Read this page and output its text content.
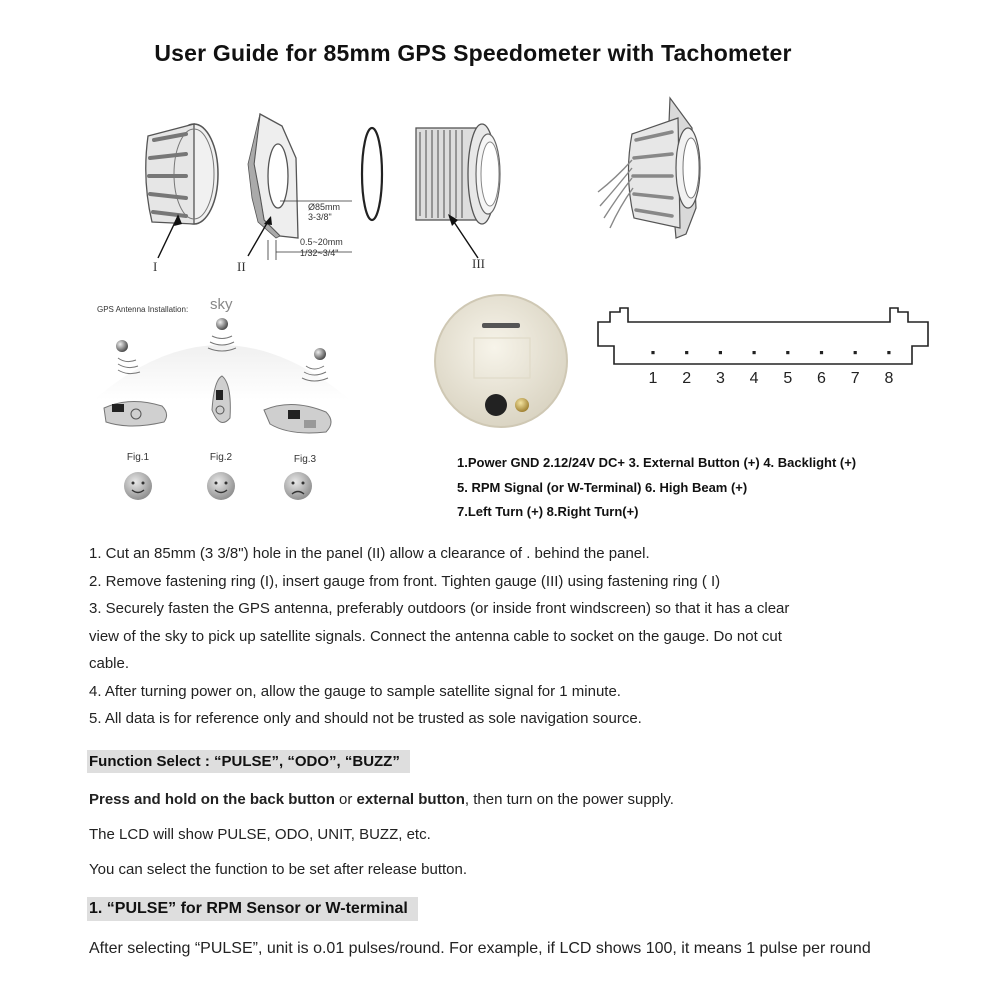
User Guide for 85mm GPS Speedometer with Tachometer
I	II	III
Ø85mm
3-3/8"
0.5~20mm
1/32~3/4"
GPS Antenna Installation: sky
Fig.1	Fig.2	Fig.3
1 2 3 4 5 6 7 8
1.Power GND 2.12/24V DC+ 3. External Button (+) 4. Backlight (+)
5. RPM Signal (or W-Terminal) 6. High Beam (+)
7.Left Turn (+) 8.Right Turn(+)
1. Cut an 85mm (3 3/8") hole in the panel (II) allow a clearance of . behind the panel.
2. Remove fastening ring (I), insert gauge from front. Tighten gauge (III) using fastening ring ( I)
3. Securely fasten the GPS antenna, preferably outdoors (or inside front windscreen) so that it has a clear
view of the sky to pick up satellite signals. Connect the antenna cable to socket on the gauge. Do not cut
cable.
4. After turning power on, allow the gauge to sample satellite signal for 1 minute.
5. All data is for reference only and should not be trusted as sole navigation source.
Function Select : “PULSE”, “ODO”, “BUZZ”
Press and hold on the back button or external button, then turn on the power supply.
The LCD will show PULSE, ODO, UNIT, BUZZ, etc.
You can select the function to be set after release button.
1. “PULSE” for RPM Sensor or W-terminal
After selecting “PULSE”, unit is o.01 pulses/round. For example, if LCD shows 100, it means 1 pulse per round
